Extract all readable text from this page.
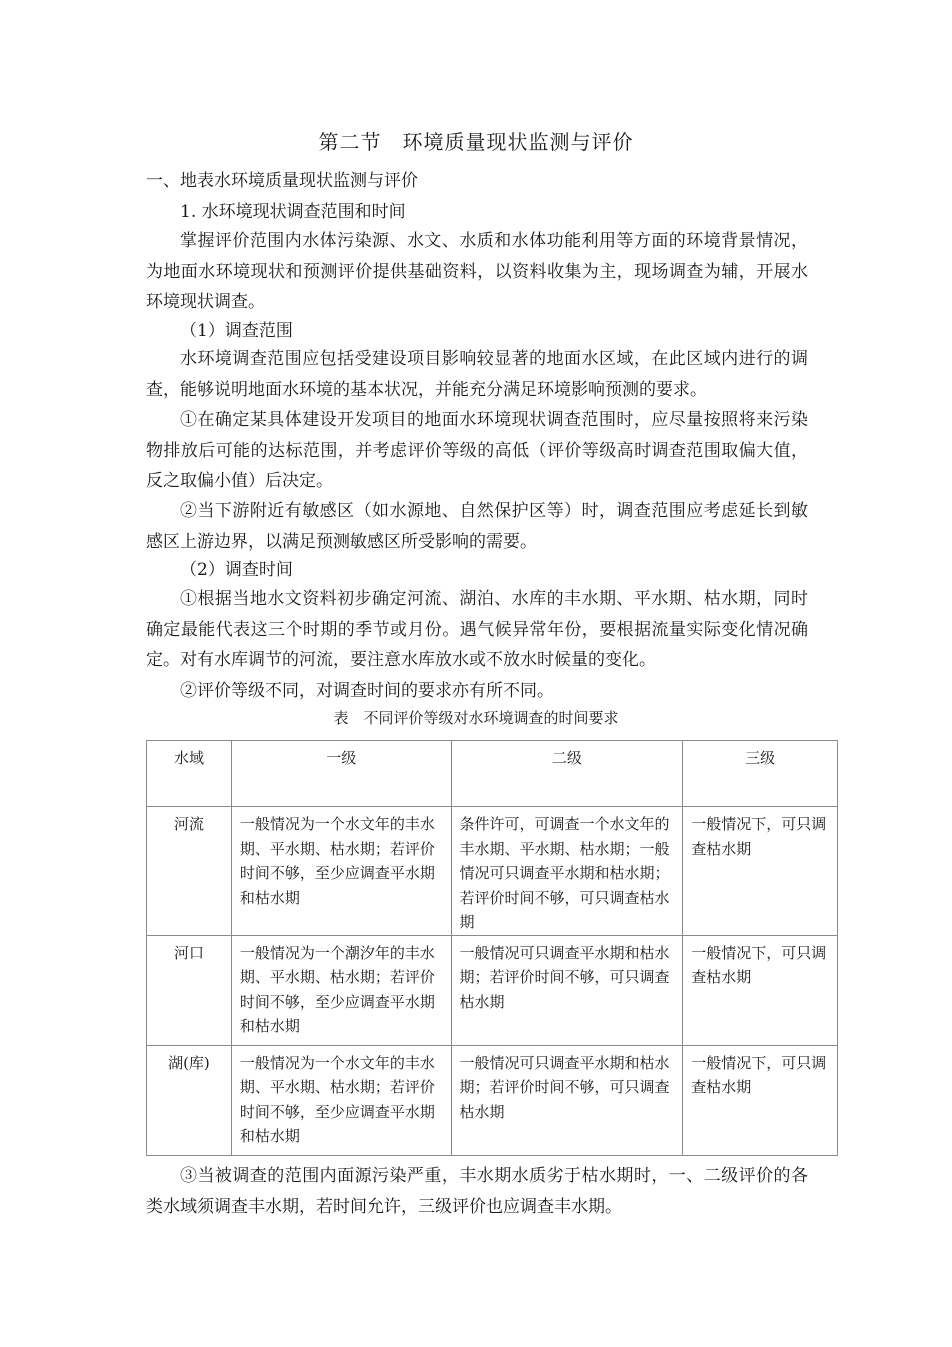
第二节　环境质量现状监测与评价
一、地表水环境质量现状监测与评价
1. 水环境现状调查范围和时间
掌握评价范围内水体污染源、水文、水质和水体功能利用等方面的环境背景情况，为地面水环境现状和预测评价提供基础资料，以资料收集为主，现场调查为辅，开展水环境现状调查。
（1）调查范围
水环境调查范围应包括受建设项目影响较显著的地面水区域，在此区域内进行的调查，能够说明地面水环境的基本状况，并能充分满足环境影响预测的要求。
①在确定某具体建设开发项目的地面水环境现状调查范围时，应尽量按照将来污染物排放后可能的达标范围，并考虑评价等级的高低（评价等级高时调查范围取偏大值，反之取偏小值）后决定。
②当下游附近有敏感区（如水源地、自然保护区等）时，调查范围应考虑延长到敏感区上游边界，以满足预测敏感区所受影响的需要。
（2）调查时间
①根据当地水文资料初步确定河流、湖泊、水库的丰水期、平水期、枯水期，同时确定最能代表这三个时期的季节或月份。遇气候异常年份，要根据流量实际变化情况确定。对有水库调节的河流，要注意水库放水或不放水时候量的变化。
②评价等级不同，对调查时间的要求亦有所不同。
表　不同评价等级对水环境调查的时间要求
水域	一级	二级	三级
河流	一般情况为一个水文年的丰水期、平水期、枯水期；若评价时间不够，至少应调查平水期和枯水期	条件许可，可调查一个水文年的丰水期、平水期、枯水期；一般情况可只调查平水期和枯水期；若评价时间不够，可只调查枯水期	一般情况下，可只调查枯水期
河口	一般情况为一个潮汐年的丰水期、平水期、枯水期；若评价时间不够，至少应调查平水期和枯水期	一般情况可只调查平水期和枯水期；若评价时间不够，可只调查枯水期	一般情况下，可只调查枯水期
湖(库)	一般情况为一个水文年的丰水期、平水期、枯水期；若评价时间不够，至少应调查平水期和枯水期	一般情况可只调查平水期和枯水期；若评价时间不够，可只调查枯水期	一般情况下，可只调查枯水期
③当被调查的范围内面源污染严重，丰水期水质劣于枯水期时，一、二级评价的各类水域须调查丰水期，若时间允许，三级评价也应调查丰水期。
